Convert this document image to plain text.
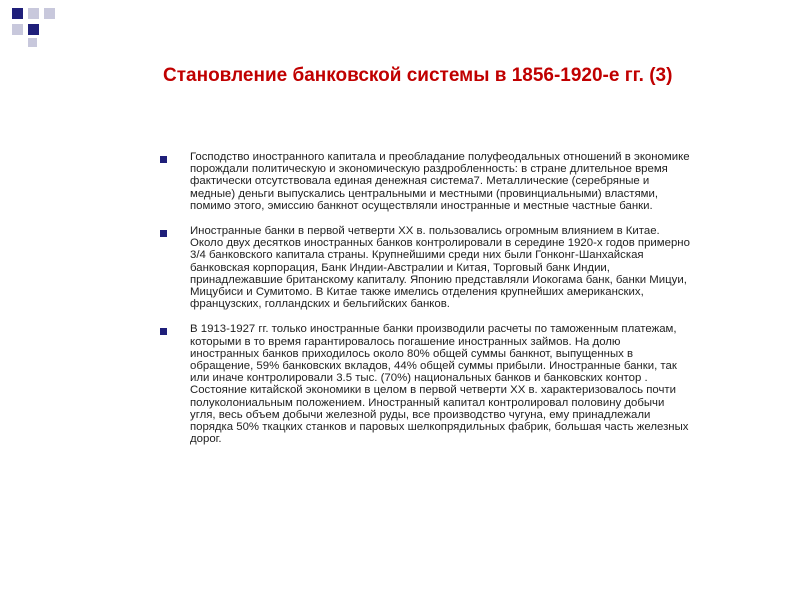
Становление банковской системы в 1856-1920-е гг. (3)
Господство иностранного капитала и преобладание полуфеодальных отношений в экономике
порождали политическую и экономическую раздробленность: в стране длительное время
фактически отсутствовала единая денежная система7. Металлические (серебряные и
медные) деньги выпускались центральными и местными (провинциальными) властями,
помимо этого, эмиссию банкнот осуществляли иностранные и местные частные банки.
Иностранные банки в первой четверти XX в. пользовались огромным влиянием в Китае.
Около двух десятков иностранных банков контролировали в середине 1920-х годов примерно
3/4 банковского капитала страны. Крупнейшими среди них были Гонконг-Шанхайская
банковская корпорация, Банк Индии-Австралии и Китая, Торговый банк Индии,
принадлежавшие британскому капиталу. Японию представляли Иокогама банк, банки Мицуи,
Мицубиси и Сумитомо. В Китае также имелись отделения крупнейших американских,
французских, голландских и бельгийских банков.
В 1913-1927 гг. только иностранные банки производили расчеты по таможенным платежам,
которыми в то время гарантировалось погашение иностранных займов. На долю
иностранных банков приходилось около 80% общей суммы банкнот, выпущенных в
обращение, 59% банковских вкладов, 44% общей суммы прибыли. Иностранные банки, так
или иначе контролировали 3.5 тыс. (70%) национальных банков и банковских контор .
Состояние китайской экономики в целом в первой четверти XX в. характеризовалось почти
полуколониальным положением. Иностранный капитал контролировал половину добычи
угля, весь объем добычи железной руды, все производство чугуна, ему принадлежали
порядка 50% ткацких станков и паровых шелкопрядильных фабрик, большая часть железных
дорог.
